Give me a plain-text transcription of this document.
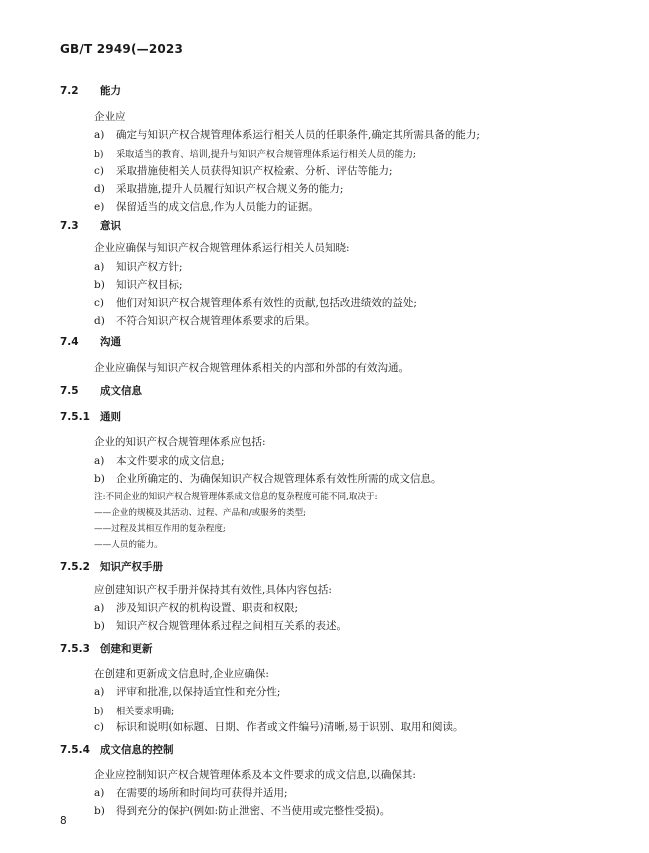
GB/T 2949(—2023
7.2 能力
企业应
a) 确定与知识产权合规管理体系运行相关人员的任职条件,确定其所需具备的能力;
b) 采取适当的教育、培训,提升与知识产权合规管理体系运行相关人员的能力;
c) 采取措施使相关人员获得知识产权检索、分析、评估等能力;
d) 采取措施,提升人员履行知识产权合规义务的能力;
e) 保留适当的成文信息,作为人员能力的证据。
7.3 意识
企业应确保与知识产权合规管理体系运行相关人员知晓:
a) 知识产权方针;
b) 知识产权目标;
c) 他们对知识产权合规管理体系有效性的贡献,包括改进绩效的益处;
d) 不符合知识产权合规管理体系要求的后果。
7.4 沟通
企业应确保与知识产权合规管理体系相关的内部和外部的有效沟通。
7.5 成文信息
7.5.1 通则
企业的知识产权合规管理体系应包括:
a) 本文件要求的成文信息;
b) 企业所确定的、为确保知识产权合规管理体系有效性所需的成文信息。
注:不同企业的知识产权合规管理体系成文信息的复杂程度可能不同,取决于:
——企业的规模及其活动、过程、产品和/或服务的类型;
——过程及其相互作用的复杂程度;
——人员的能力。
7.5.2 知识产权手册
应创建知识产权手册并保持其有效性,具体内容包括:
a) 涉及知识产权的机构设置、职责和权限;
b) 知识产权合规管理体系过程之间相互关系的表述。
7.5.3 创建和更新
在创建和更新成文信息时,企业应确保:
a) 评审和批准,以保持适宜性和充分性;
b) 相关要求明确;
c) 标识和说明(如标题、日期、作者或文件编号)清晰,易于识别、取用和阅读。
7.5.4 成文信息的控制
企业应控制知识产权合规管理体系及本文件要求的成文信息,以确保其:
a) 在需要的场所和时间均可获得并适用;
b) 得到充分的保护(例如:防止泄密、不当使用或完整性受损)。
8
